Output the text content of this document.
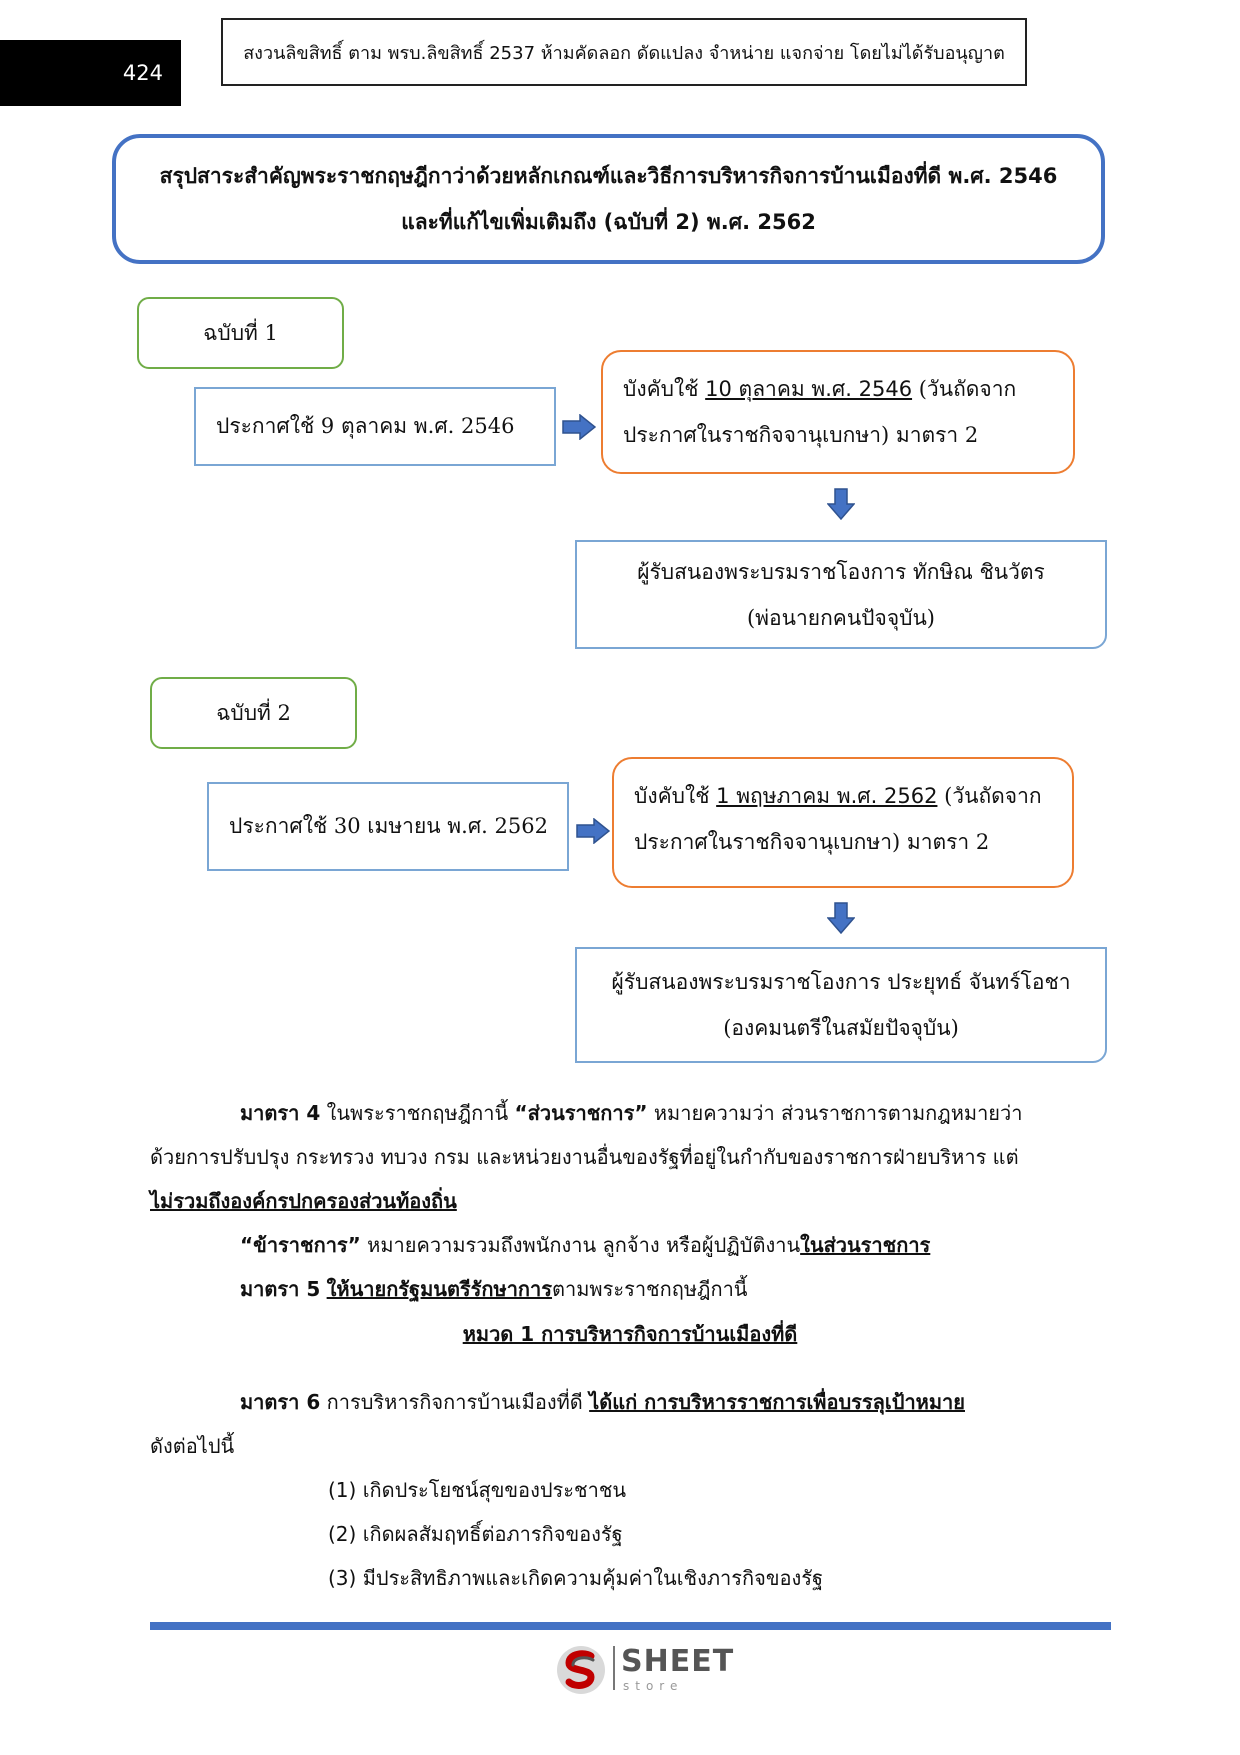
424
สงวนลิขสิทธิ์ ตาม พรบ.ลิขสิทธิ์ 2537 ห้ามคัดลอก ดัดแปลง จำหน่าย แจกจ่าย โดยไม่ได้รับอนุญาต
สรุปสาระสำคัญพระราชกฤษฎีกาว่าด้วยหลักเกณฑ์และวิธีการบริหารกิจการบ้านเมืองที่ดี พ.ศ. 2546
และที่แก้ไขเพิ่มเติมถึง (ฉบับที่ 2) พ.ศ. 2562
ฉบับที่ 1
ประกาศใช้ 9 ตุลาคม พ.ศ. 2546
บังคับใช้ 10 ตุลาคม พ.ศ. 2546 (วันถัดจาก
ประกาศในราชกิจจานุเบกษา) มาตรา 2
ผู้รับสนองพระบรมราชโองการ ทักษิณ ชินวัตร
(พ่อนายกคนปัจจุบัน)
ฉบับที่ 2
ประกาศใช้ 30 เมษายน พ.ศ. 2562
บังคับใช้ 1 พฤษภาคม พ.ศ. 2562 (วันถัดจาก
ประกาศในราชกิจจานุเบกษา) มาตรา 2
ผู้รับสนองพระบรมราชโองการ ประยุทธ์ จันทร์โอชา
(องคมนตรีในสมัยปัจจุบัน)
มาตรา 4 ในพระราชกฤษฎีกานี้ “ส่วนราชการ” หมายความว่า ส่วนราชการตามกฎหมายว่า
ด้วยการปรับปรุง กระทรวง ทบวง กรม และหน่วยงานอื่นของรัฐที่อยู่ในกำกับของราชการฝ่ายบริหาร แต่
ไม่รวมถึงองค์กรปกครองส่วนท้องถิ่น
“ข้าราชการ” หมายความรวมถึงพนักงาน ลูกจ้าง หรือผู้ปฏิบัติงานในส่วนราชการ
มาตรา 5 ให้นายกรัฐมนตรีรักษาการตามพระราชกฤษฎีกานี้
หมวด 1 การบริหารกิจการบ้านเมืองที่ดี
มาตรา 6 การบริหารกิจการบ้านเมืองที่ดี ได้แก่ การบริหารราชการเพื่อบรรลุเป้าหมาย
ดังต่อไปนี้
(1) เกิดประโยชน์สุขของประชาชน
(2) เกิดผลสัมฤทธิ์ต่อภารกิจของรัฐ
(3) มีประสิทธิภาพและเกิดความคุ้มค่าในเชิงภารกิจของรัฐ
SHEET
store
